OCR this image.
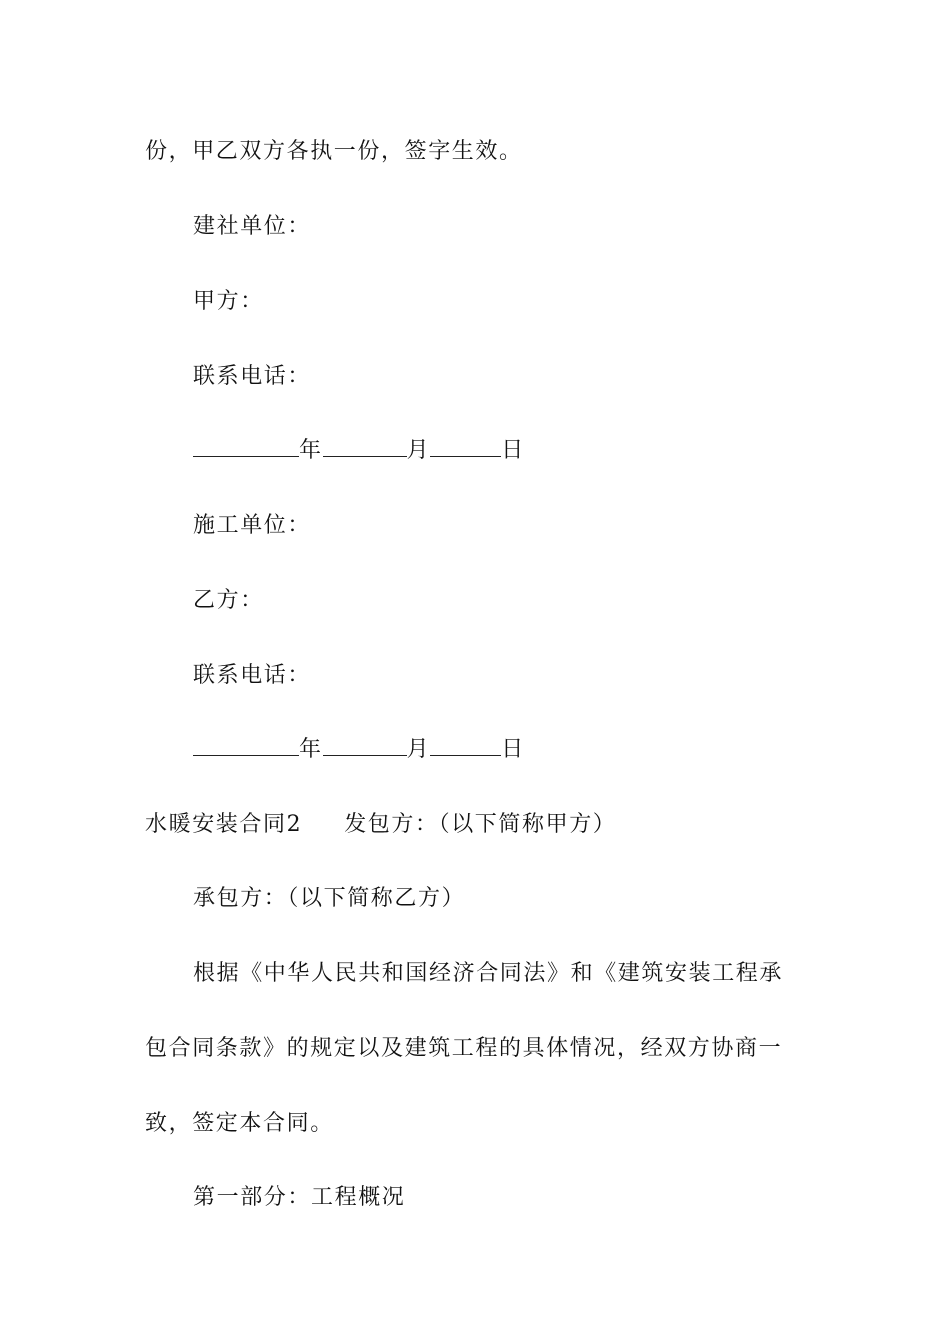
份，甲乙双方各执一份，签字生效。
建社单位：
甲方：
联系电话：
年	月	日
施工单位：
乙方：
联系电话：
年	月	日
水暖安装合同2 发包方：（以下简称甲方）
承包方：（以下简称乙方）
根据《中华人民共和国经济合同法》和《建筑安装工程承
包合同条款》的规定以及建筑工程的具体情况，经双方协商一
致，签定本合同。
第一部分：工程概况
